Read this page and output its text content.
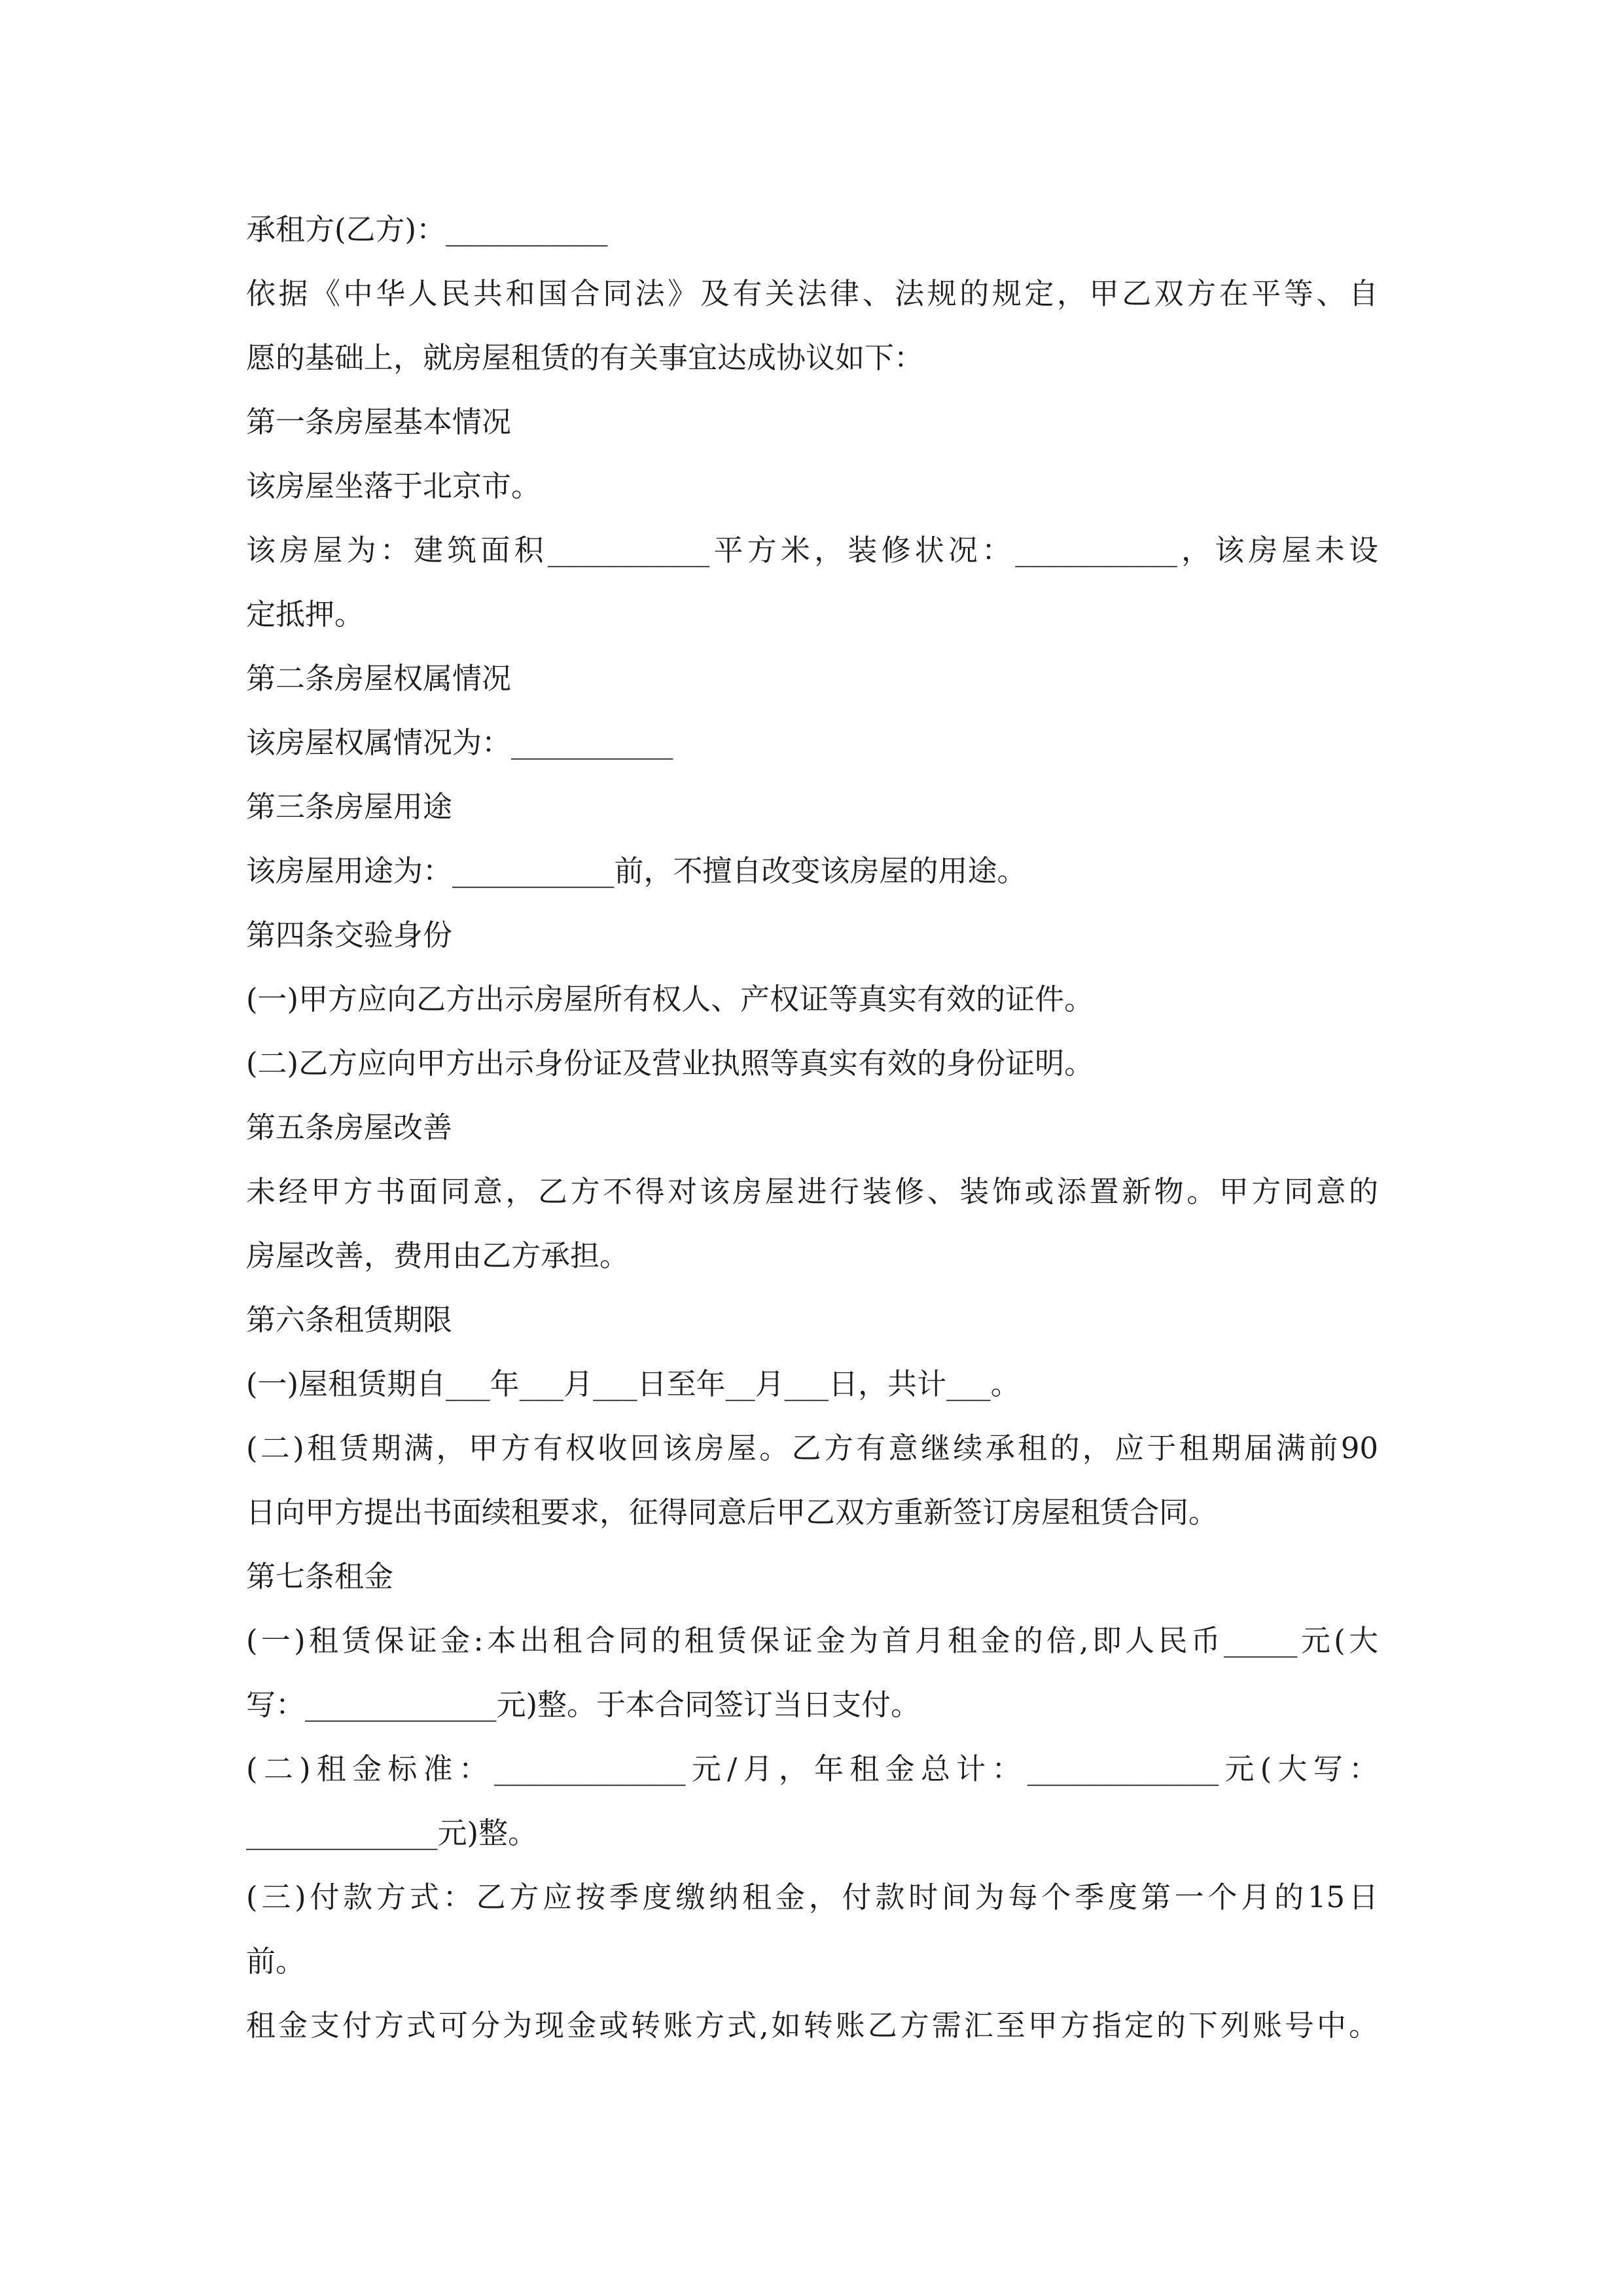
承租方(乙方)：___________
依据《中华人民共和国合同法》及有关法律、法规的规定，甲乙双方在平等、自
愿的基础上，就房屋租赁的有关事宜达成协议如下：
第一条房屋基本情况
该房屋坐落于北京市。
该房屋为：建筑面积___________平方米，装修状况：___________，该房屋未设
定抵押。
第二条房屋权属情况
该房屋权属情况为：___________
第三条房屋用途
该房屋用途为：___________前，不擅自改变该房屋的用途。
第四条交验身份
(一)甲方应向乙方出示房屋所有权人、产权证等真实有效的证件。
(二)乙方应向甲方出示身份证及营业执照等真实有效的身份证明。
第五条房屋改善
未经甲方书面同意，乙方不得对该房屋进行装修、装饰或添置新物。甲方同意的
房屋改善，费用由乙方承担。
第六条租赁期限
(一)屋租赁期自___年___月___日至年__月___日，共计___。
(二)租赁期满，甲方有权收回该房屋。乙方有意继续承租的，应于租期届满前90
日向甲方提出书面续租要求，征得同意后甲乙双方重新签订房屋租赁合同。
第七条租金
(一)租赁保证金:本出租合同的租赁保证金为首月租金的倍,即人民币_____元(大
写：_____________元)整。于本合同签订当日支付。
(二)租金标准：_____________元/月，年租金总计：_____________元(大写：
_____________元)整。
(三)付款方式：乙方应按季度缴纳租金，付款时间为每个季度第一个月的15日
前。
租金支付方式可分为现金或转账方式,如转账乙方需汇至甲方指定的下列账号中。
